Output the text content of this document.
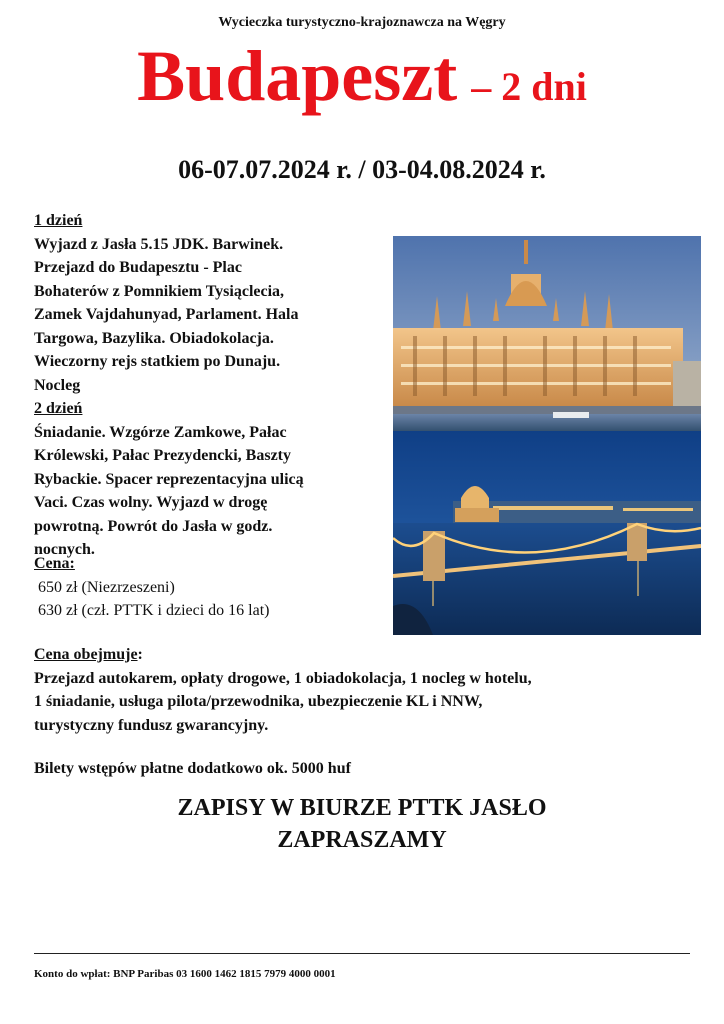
Wycieczka turystyczno-krajoznawcza na Węgry
Budapeszt – 2 dni
06-07.07.2024 r. / 03-04.08.2024 r.

1 dzień

Wyjazd z Jasła 5.15 JDK. Barwinek.

Przejazd do Budapesztu - Plac

Bohaterów z Pomnikiem Tysiąclecia,

Zamek Vajdahunyad, Parlament. Hala

Targowa, Bazylika. Obiadokolacja.

Wieczorny rejs statkiem po Dunaju.

Nocleg

2 dzień

Śniadanie. Wzgórze Zamkowe, Pałac

Królewski, Pałac Prezydencki, Baszty

Rybackie. Spacer reprezentacyjna ulicą

Vaci. Czas wolny. Wyjazd w drogę

powrotną. Powrót do Jasła w godz.

nocnych.

Cena:

650 zł (Niezrzeszeni)

630 zł (czł. PTTK i dzieci do 16 lat)

Cena obejmuje:

Przejazd autokarem, opłaty drogowe, 1 obiadokolacja, 1 nocleg w hotelu,

1 śniadanie, usługa pilota/przewodnika, ubezpieczenie KL i NNW,

turystyczny fundusz gwarancyjny.

Bilety wstępów płatne dodatkowo ok. 5000 huf
ZAPISY W BIURZE PTTK JASŁO
ZAPRASZAMY
Konto do wpłat: BNP Paribas 03 1600 1462 1815 7979 4000 0001
